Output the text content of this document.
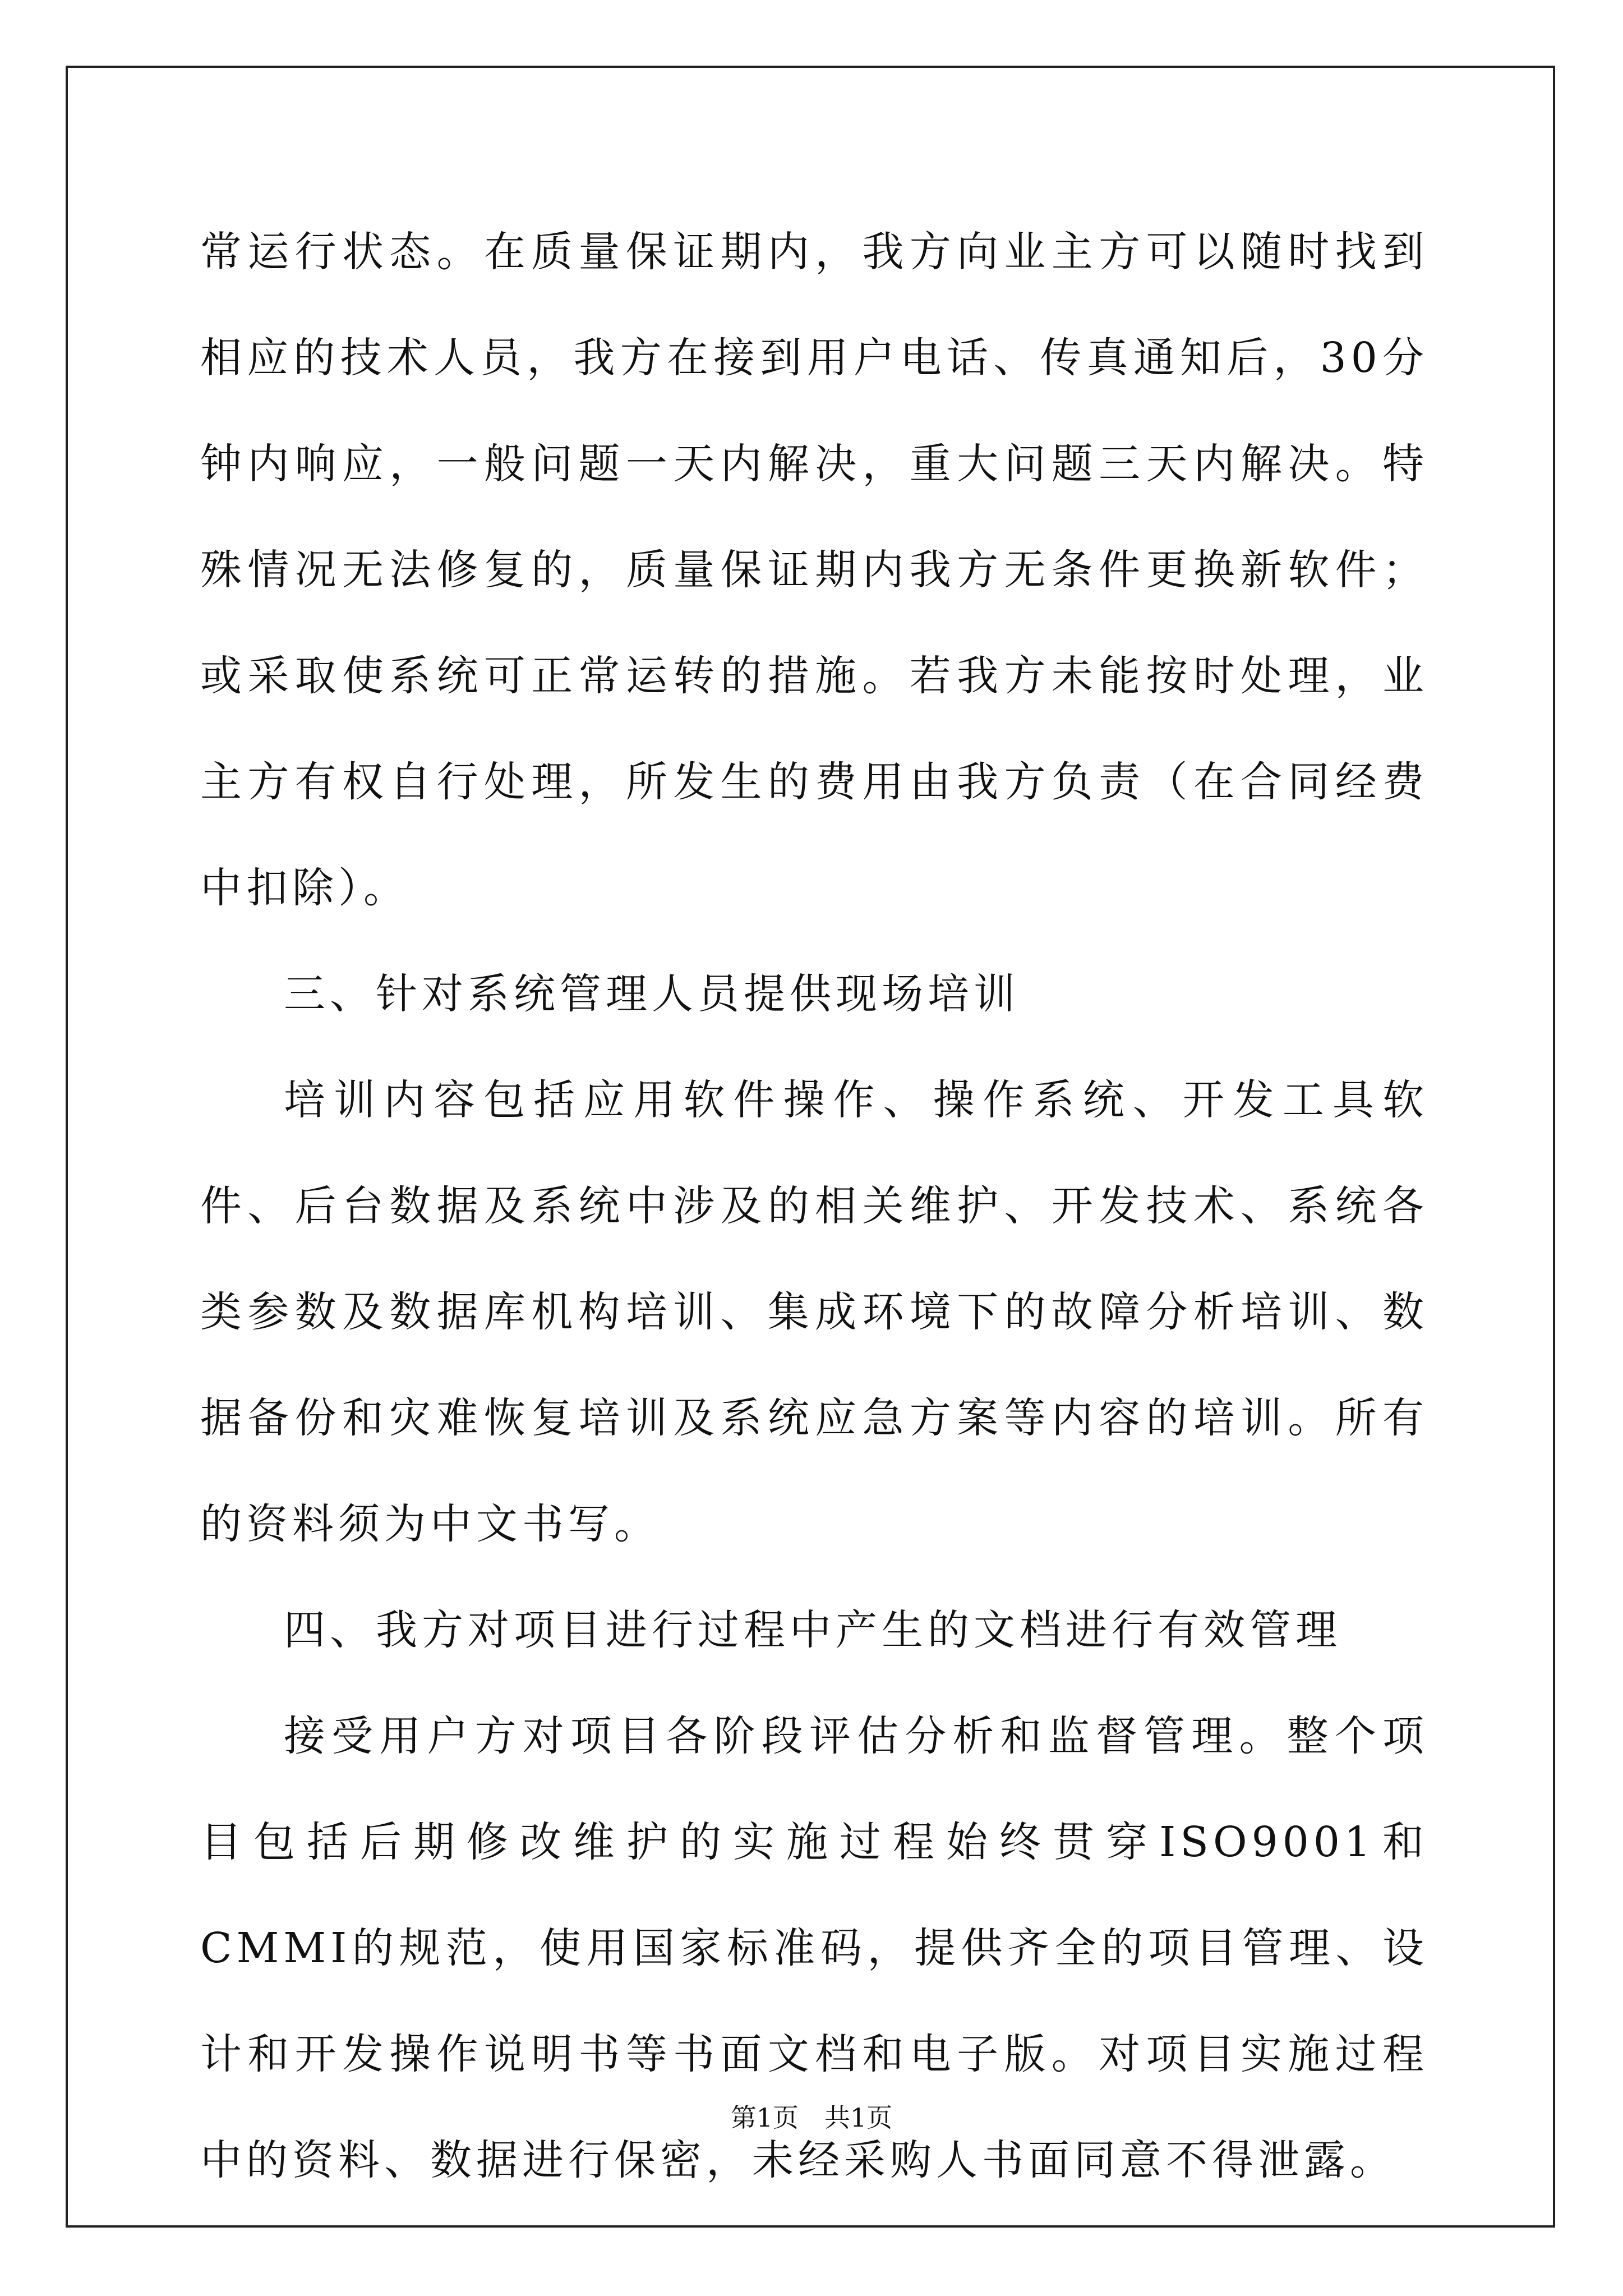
常运行状态。在质量保证期内，我方向业主方可以随时找到相应的技术人员，我方在接到用户电话、传真通知后，30分钟内响应，一般问题一天内解决，重大问题三天内解决。特殊情况无法修复的，质量保证期内我方无条件更换新软件；或采取使系统可正常运转的措施。若我方未能按时处理，业主方有权自行处理，所发生的费用由我方负责（在合同经费中扣除）。

三、针对系统管理人员提供现场培训

培训内容包括应用软件操作、操作系统、开发工具软件、后台数据及系统中涉及的相关维护、开发技术、系统各类参数及数据库机构培训、集成环境下的故障分析培训、数据备份和灾难恢复培训及系统应急方案等内容的培训。所有的资料须为中文书写。

四、我方对项目进行过程中产生的文档进行有效管理

接受用户方对项目各阶段评估分析和监督管理。整个项目包括后期修改维护的实施过程始终贯穿ISO9001和CMMI的规范，使用国家标准码，提供齐全的项目管理、设计和开发操作说明书等书面文档和电子版。对项目实施过程中的资料、数据进行保密，未经采购人书面同意不得泄露。

第1页　共1页
